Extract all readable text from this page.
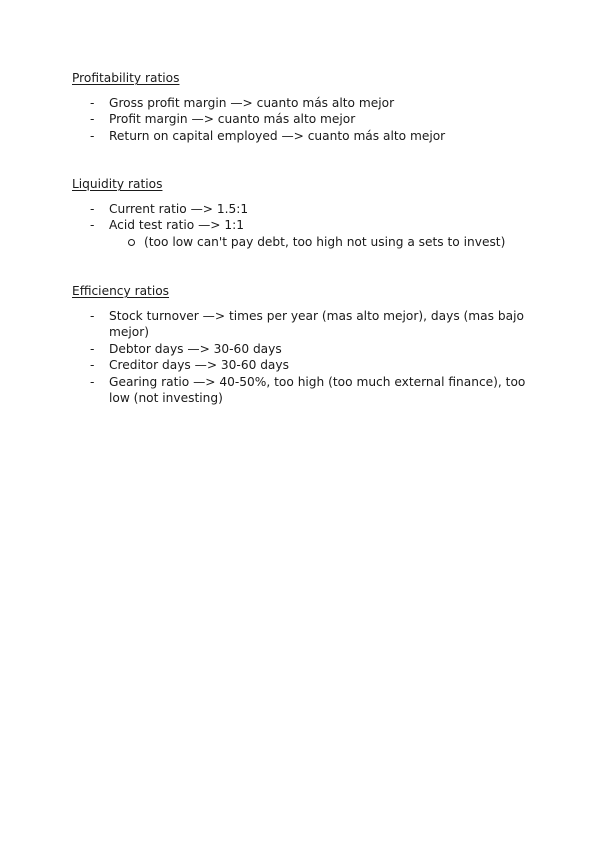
Profitability ratios
- Gross profit margin —> cuanto más alto mejor
- Profit margin —> cuanto más alto mejor
- Return on capital employed —> cuanto más alto mejor
Liquidity ratios
- Current ratio —> 1.5:1
- Acid test ratio —> 1:1
(too low can't pay debt, too high not using a sets to invest)
Efficiency ratios
- Stock turnover —> times per year (mas alto mejor), days (mas bajo mejor)
- Debtor days —> 30-60 days
- Creditor days —> 30-60 days
- Gearing ratio —> 40-50%, too high (too much external finance), too low (not investing)
